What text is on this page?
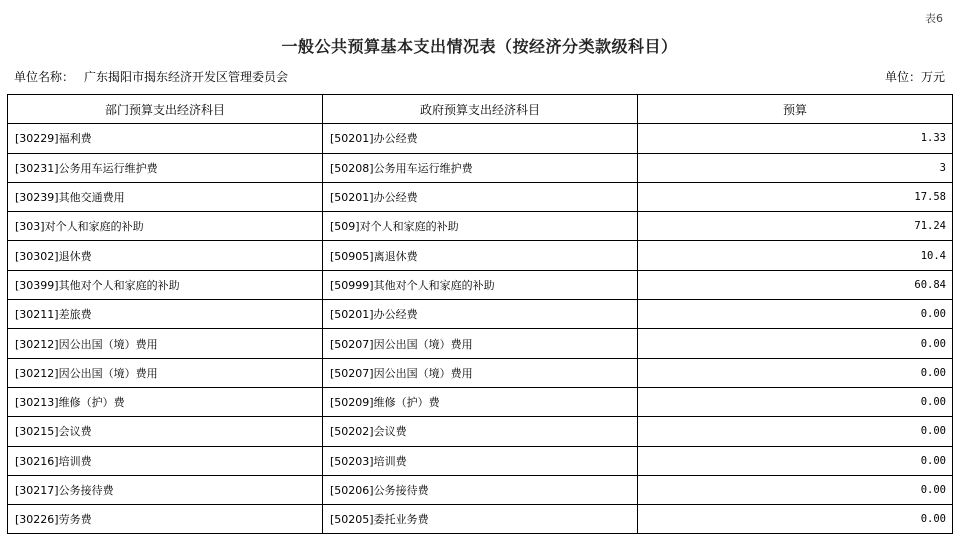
表6
一般公共预算基本支出情况表（按经济分类款级科目）
单位名称： 广东揭阳市揭东经济开发区管理委员会	单位：万元
部门预算支出经济科目	政府预算支出经济科目	预算
[30229]福利费	[50201]办公经费	1.33
[30231]公务用车运行维护费	[50208]公务用车运行维护费	3
[30239]其他交通费用	[50201]办公经费	17.58
[303]对个人和家庭的补助	[509]对个人和家庭的补助	71.24
[30302]退休费	[50905]离退休费	10.4
[30399]其他对个人和家庭的补助	[50999]其他对个人和家庭的补助	60.84
[30211]差旅费	[50201]办公经费	0.00
[30212]因公出国（境）费用	[50207]因公出国（境）费用	0.00
[30212]因公出国（境）费用	[50207]因公出国（境）费用	0.00
[30213]维修（护）费	[50209]维修（护）费	0.00
[30215]会议费	[50202]会议费	0.00
[30216]培训费	[50203]培训费	0.00
[30217]公务接待费	[50206]公务接待费	0.00
[30226]劳务费	[50205]委托业务费	0.00
